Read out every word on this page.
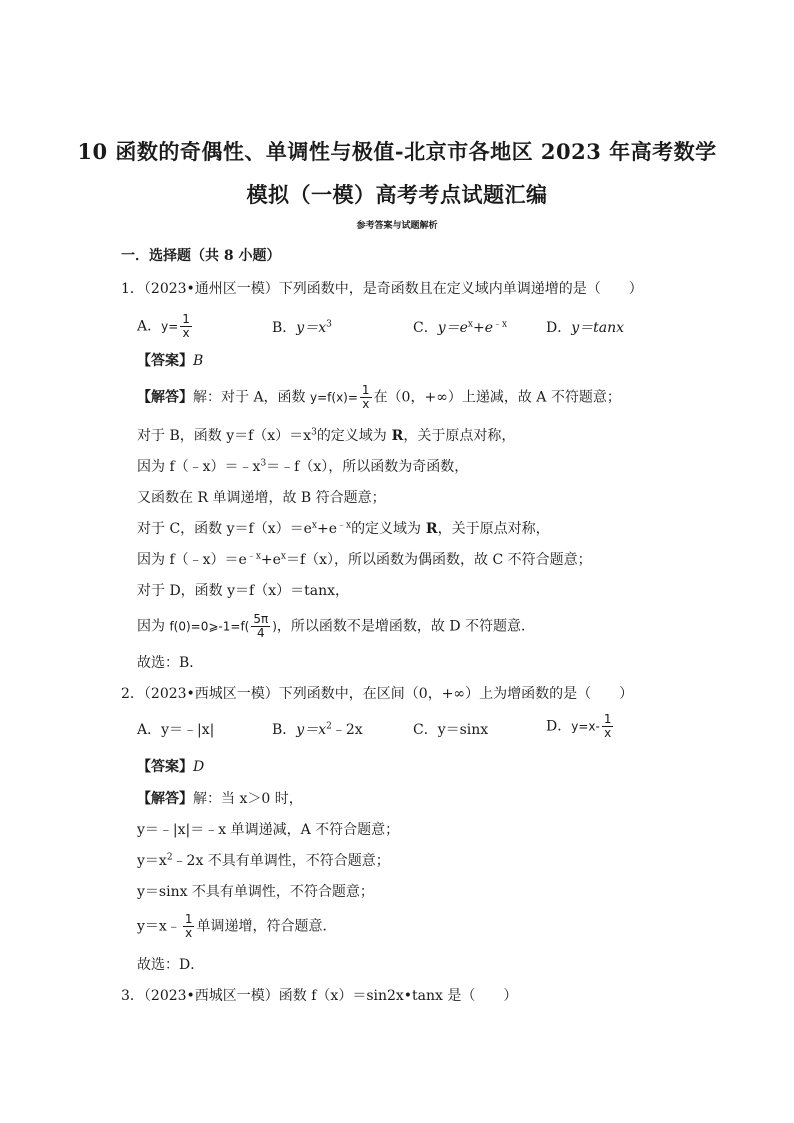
10 函数的奇偶性、单调性与极值-北京市各地区 2023 年高考数学
模拟（一模）高考考点试题汇编
参考答案与试题解析
一．选择题（共 8 小题）
1．（2023•通州区一模）下列函数中，是奇函数且在定义域内单调递增的是（　　）
A．$y= \frac{1}{x}$	B．$y=x^3$	C．$y=e^x+e^{﹣x}$	D．y＝tanx
【答案】B
【解答】解：对于 A，函数 $y=f(x)= \frac{1}{x}$ 在（0，+∞）上递减，故 A 不符题意；
对于 B，函数 $y=f(x)=x^3$的定义域为 R，关于原点对称，
因为 $f(﹣x)=﹣x^3=﹣f(x)$，所以函数为奇函数，
又函数在 R 单调递增，故 B 符合题意；
对于 C，函数 $y=f(x)=e^x+e^{﹣x}$的定义域为 R，关于原点对称，
因为 $f(﹣x)=e^{﹣x}+e^x=f(x)$，所以函数为偶函数，故 C 不符合题意；
对于 D，函数 y＝f（x）＝tanx，
因为 f(0)=0⩾-1=f( $\frac{5\pi}{4}$ )，所以函数不是增函数，故 D 不符题意．
故选：B．
2．（2023•西城区一模）下列函数中，在区间（0，+∞）上为增函数的是（　　）
A．y＝﹣|x|	B．$y=x^2﹣2x$	C．y＝sinx	D．$y=x- \frac{1}{x}$
【答案】D
【解答】解：当 x＞0 时，
y＝﹣|x|＝﹣x 单调递减，A 不符合题意；
$y=x^2﹣2x$ 不具有单调性，不符合题意；
y＝sinx 不具有单调性，不符合题意；
y＝x﹣ $\frac{1}{x}$ 单调递增，符合题意．
故选：D．
3．（2023•西城区一模）函数 f（x）＝sin2x•tanx 是（　　）
